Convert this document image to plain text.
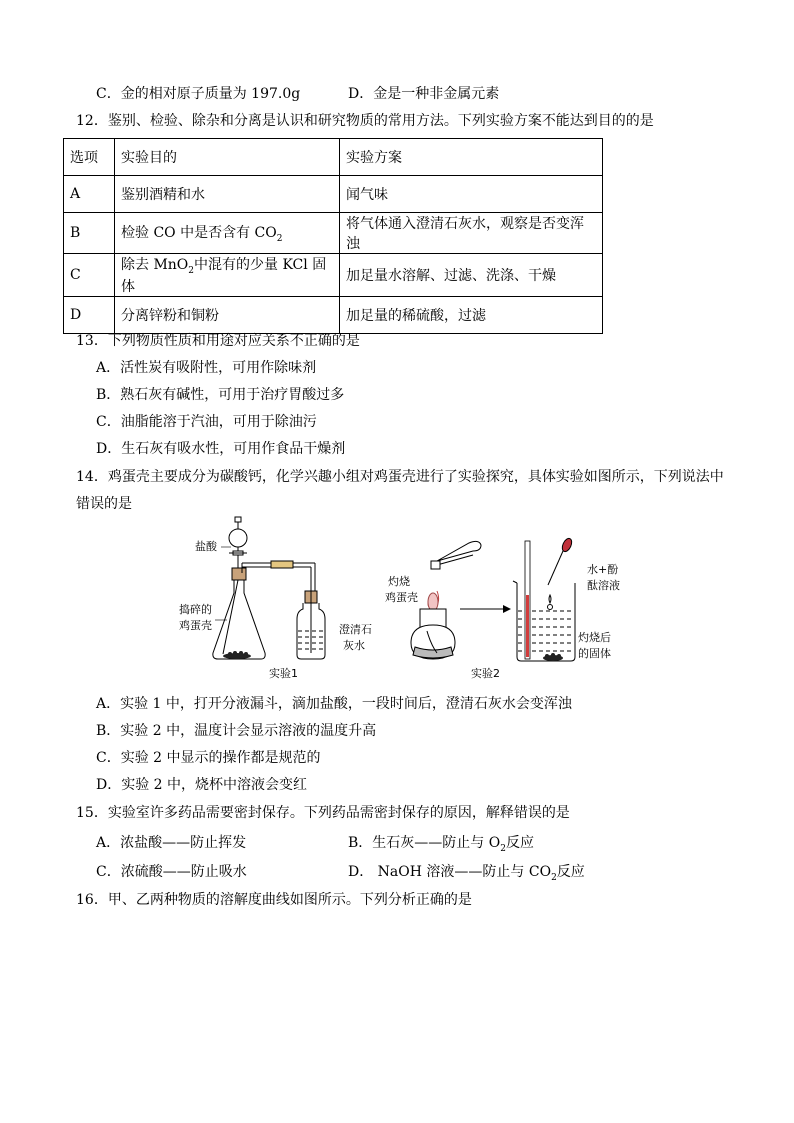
C．金的相对原子质量为 197.0g	D．金是一种非金属元素
12．鉴别、检验、除杂和分离是认识和研究物质的常用方法。下列实验方案不能达到目的的是
选项	实验目的	实验方案
A	鉴别酒精和水	闻气味
B	检验 CO 中是否含有 $CO_2$	将气体通入澄清石灰水，观察是否变浑浊
C	除去 MnO$_2$中混有的少量 KCl 固体	加足量水溶解、过滤、洗涤、干燥
D	分离锌粉和铜粉	加足量的稀硫酸，过滤
13．下列物质性质和用途对应关系不正确的是
A．活性炭有吸附性，可用作除味剂
B．熟石灰有碱性，可用于治疗胃酸过多
C．油脂能溶于汽油，可用于除油污
D．生石灰有吸水性，可用作食品干燥剂
14．鸡蛋壳主要成分为碳酸钙，化学兴趣小组对鸡蛋壳进行了实验探究，具体实验如图所示，下列说法中
错误的是
盐酸
捣碎的
鸡蛋壳	澄清石
灰水
实验1
灼烧
鸡蛋壳
水+酚
酞溶液
灼烧后
的固体
实验2
A．实验 1 中，打开分液漏斗，滴加盐酸，一段时间后，澄清石灰水会变浑浊
B．实验 2 中，温度计会显示溶液的温度升高
C．实验 2 中显示的操作都是规范的
D．实验 2 中，烧杯中溶液会变红
15．实验室许多药品需要密封保存。下列药品需密封保存的原因，解释错误的是
A．浓盐酸——防止挥发	B．生石灰——防止与 $O_2$反应
C．浓硫酸——防止吸水	D． NaOH 溶液——防止与 $CO_2$反应
16．甲、乙两种物质的溶解度曲线如图所示。下列分析正确的是
